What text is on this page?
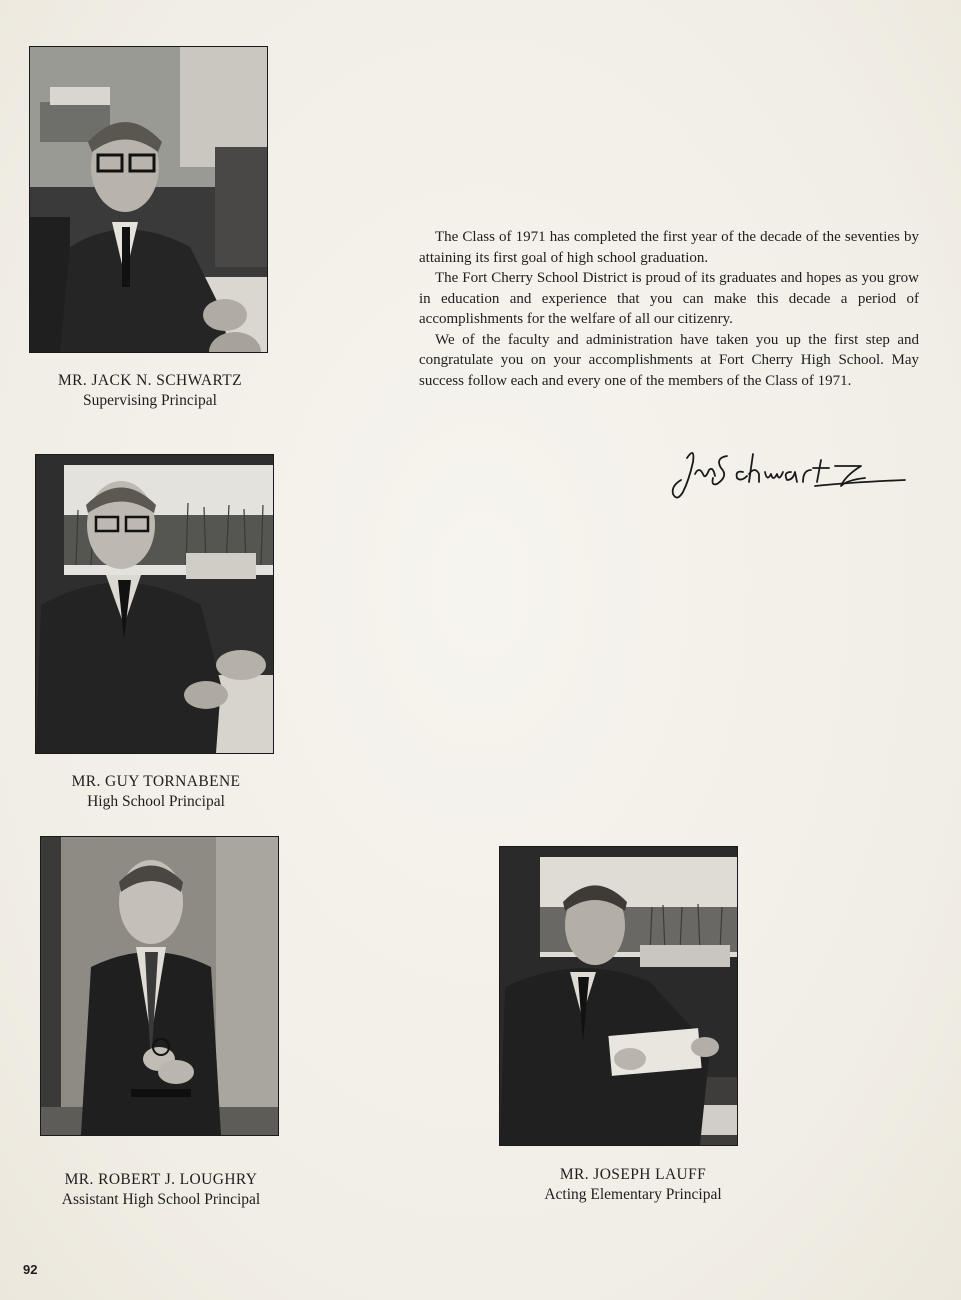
MR. JACK N. SCHWARTZ
Supervising Principal
MR. GUY TORNABENE
High School Principal
MR. ROBERT J. LOUGHRY
Assistant High School Principal
MR. JOSEPH LAUFF
Acting Elementary Principal

The Class of 1971 has completed the first year of the decade of the seventies by attaining its first goal of high school graduation.

The Fort Cherry School District is proud of its graduates and hopes as you grow in education and experience that you can make this decade a period of accomplishments for the welfare of all our citizenry.

We of the faculty and administration have taken you up the first step and congratulate you on your accomplishments at Fort Cherry High School. May success follow each and every one of the members of the Class of 1971.

92
